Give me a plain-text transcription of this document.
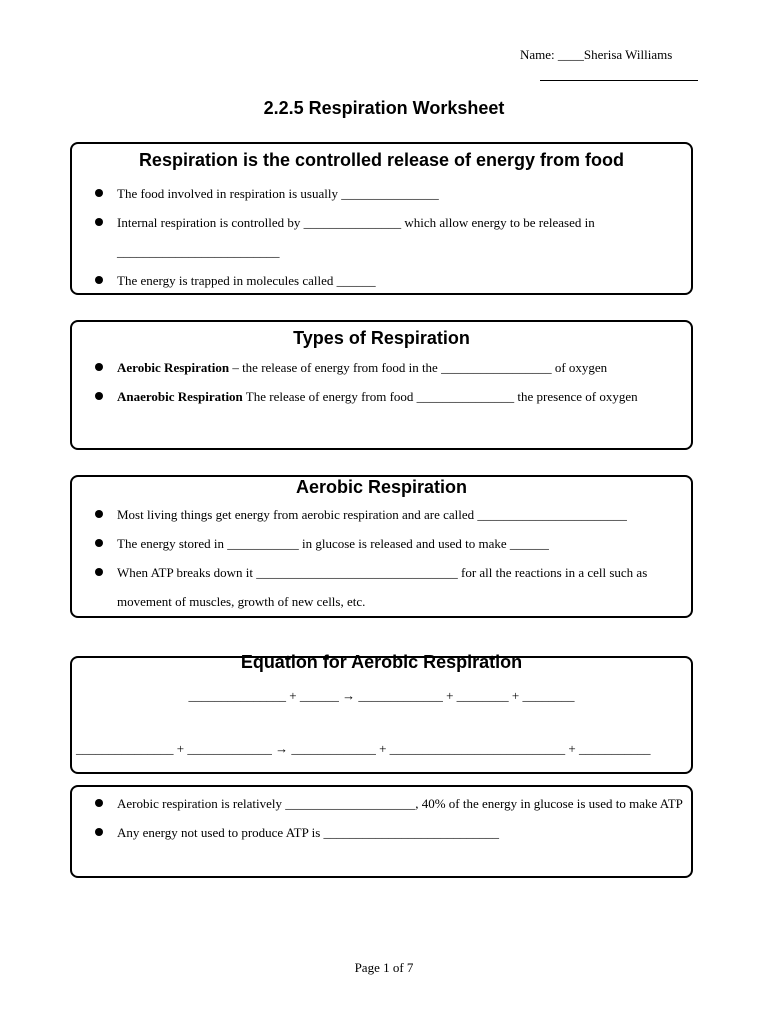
Name: ____Sherisa Williams
2.2.5 Respiration Worksheet
Respiration is the controlled release of energy from food
The food involved in respiration is usually _______________
Internal respiration is controlled by _______________ which allow energy to be released in _________________________
The energy is trapped in molecules called ______
Types of Respiration
Aerobic Respiration – the release of energy from food in the _________________ of oxygen
Anaerobic Respiration The release of energy from food _______________ the presence of oxygen
Aerobic Respiration
Most living things get energy from aerobic respiration and are called _______________________
The energy stored in ___________ in glucose is released and used to make ______
When ATP breaks down it _______________________________ for all the reactions in a cell such as movement of muscles, growth of new cells, etc.
Equation for Aerobic Respiration
_______________ + ______ → _____________ + ________ + ________
_______________ + _____________ → _____________ + ___________________________ + ___________
Aerobic respiration is relatively ____________________, 40% of the energy in glucose is used to make ATP
Any energy not used to produce ATP is ___________________________
Page 1 of 7
